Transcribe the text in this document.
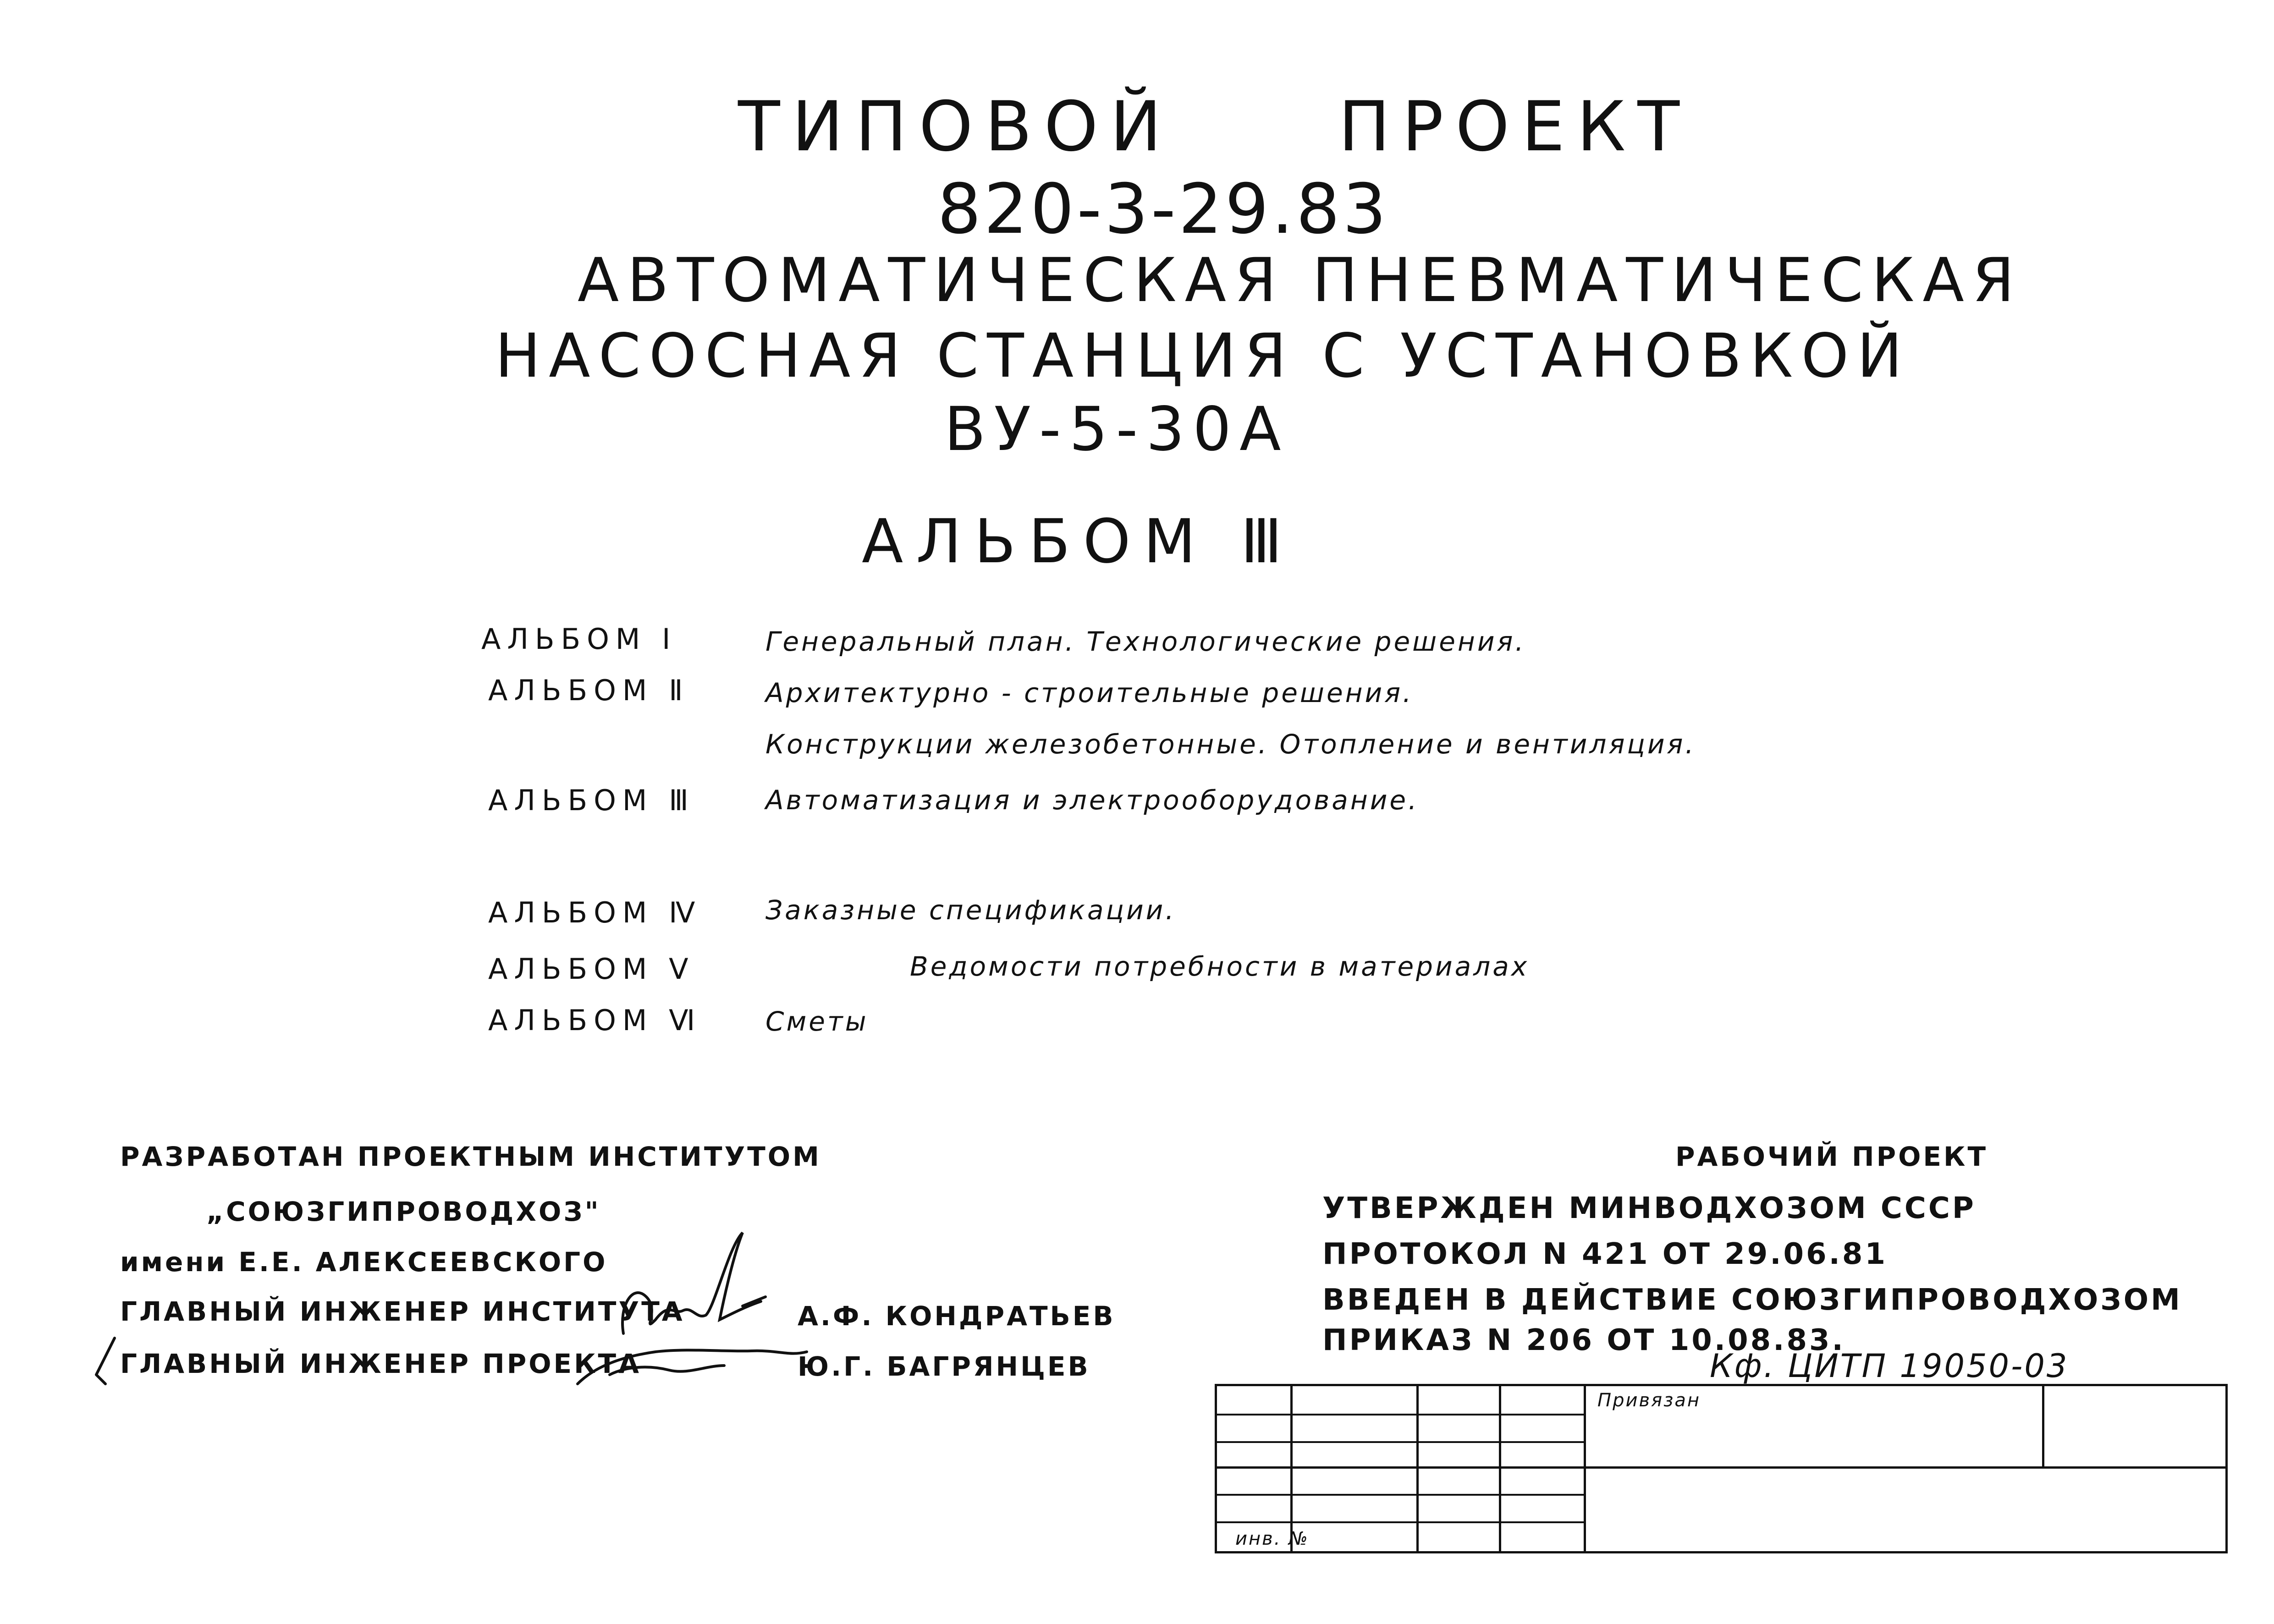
ТИПОВОЙ ПРОЕКТ
820-3-29.83
АВТОМАТИЧЕСКАЯ ПНЕВМАТИЧЕСКАЯ
НАСОСНАЯ СТАНЦИЯ С УСТАНОВКОЙ
ВУ-5-30А
АЛЬБОМ Ⅲ
АЛЬБОМ Ⅰ	Генеральный план. Технологические решения.
АЛЬБОМ Ⅱ	Архитектурно - строительные решения.
Конструкции железобетонные. Отопление и вентиляция.
АЛЬБОМ Ⅲ	Автоматизация и электрооборудование.
АЛЬБОМ Ⅳ Заказные спецификации.
АЛЬБОМ Ⅴ	Ведомости потребности в материалах
АЛЬБОМ Ⅵ Сметы
РАЗРАБОТАН ПРОЕКТНЫМ ИНСТИТУТОМ
„СОЮЗГИПРОВОДХОЗ"
имени Е.Е. АЛЕКСЕЕВСКОГО
ГЛАВНЫЙ ИНЖЕНЕР ИНСТИТУТА	А.Ф. КОНДРАТЬЕВ
ГЛАВНЫЙ ИНЖЕНЕР ПРОЕКТА	Ю.Г. БАГРЯНЦЕВ
РАБОЧИЙ ПРОЕКТ
УТВЕРЖДЕН МИНВОДХОЗОМ СССР
ПРОТОКОЛ N 421 ОТ 29.06.81
ВВЕДЕН В ДЕЙСТВИЕ СОЮЗГИПРОВОДХОЗОМ
ПРИКАЗ N 206 ОТ 10.08.83.
Кф. ЦИТП 19050-03
Привязан
инв. №
